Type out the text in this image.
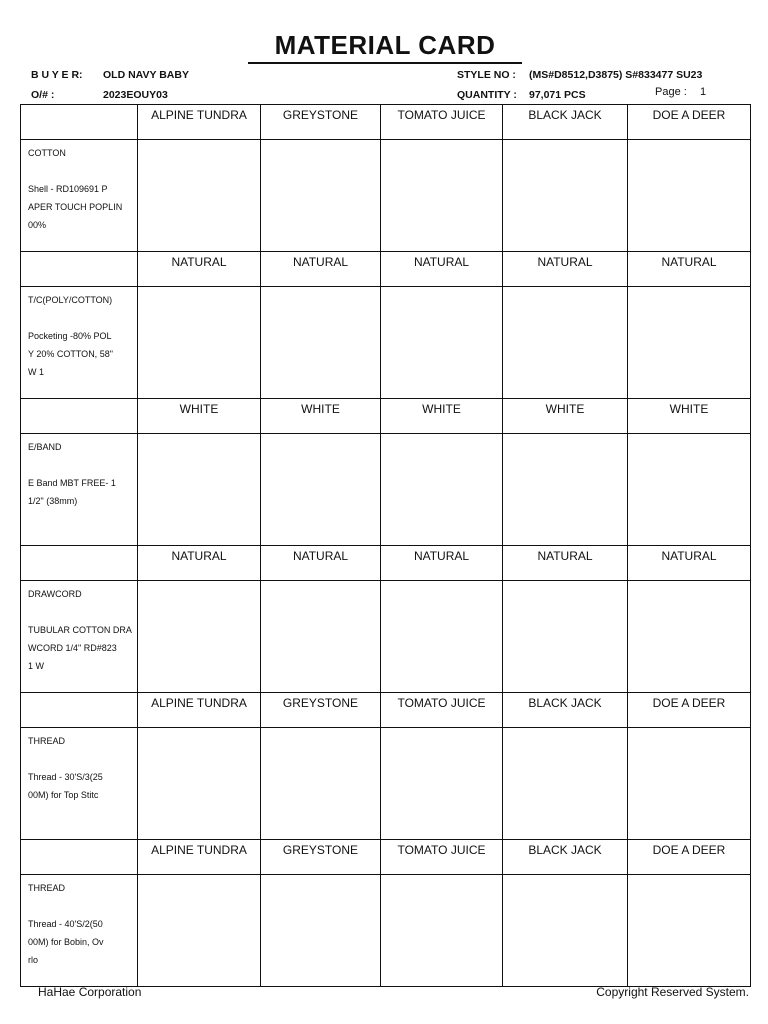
MATERIAL CARD
B U Y E R: OLD NAVY BABY	STYLE NO : (MS#D8512,D3875) S#833477 SU23
O/# :	2023EOUY03	QUANTITY : 97,071 PCS	Page : 1
	ALPINE TUNDRA	GREYSTONE	TOMATO JUICE	BLACK JACK	DOE A DEER

COTTON
Shell - RD109691 P
APER TOUCH POPLIN
00%					

	NATURAL	NATURAL	NATURAL	NATURAL	NATURAL

T/C(POLY/COTTON)
Pocketing -80% POL
Y 20% COTTON, 58"
W 1					

	WHITE	WHITE	WHITE	WHITE	WHITE

E/BAND
E Band MBT FREE- 1
1/2" (38mm)					

	NATURAL	NATURAL	NATURAL	NATURAL	NATURAL

DRAWCORD
TUBULAR COTTON DRA
WCORD 1/4" RD#823
1 W					

	ALPINE TUNDRA	GREYSTONE	TOMATO JUICE	BLACK JACK	DOE A DEER

THREAD
Thread - 30'S/3(25
00M) for Top Stitc					

	ALPINE TUNDRA	GREYSTONE	TOMATO JUICE	BLACK JACK	DOE A DEER

THREAD
Thread - 40'S/2(50
00M) for Bobin, Ov
rlo					

HaHae Corporation	Copyright Reserved System.
